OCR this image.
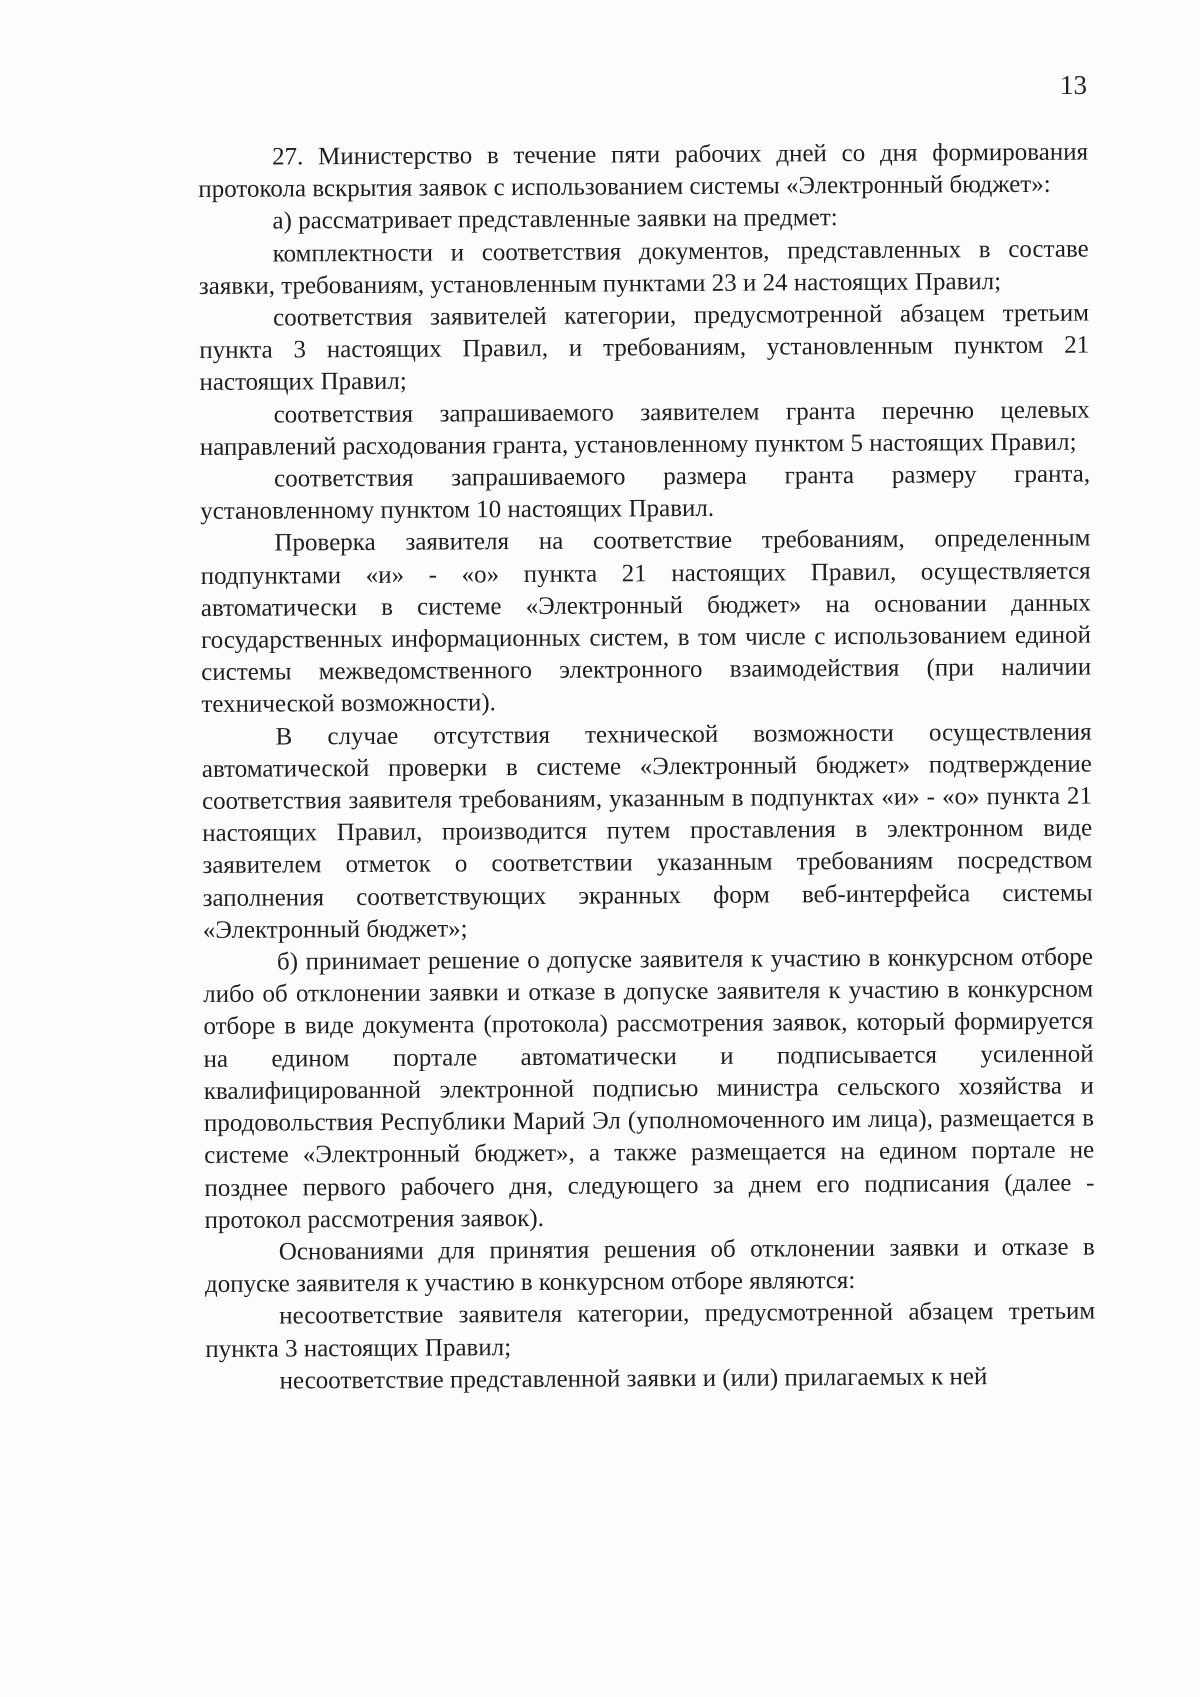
13

27. Министерство в течение пяти рабочих дней со дня формирования протокола вскрытия заявок с использованием системы «Электронный бюджет»:

а) рассматривает представленные заявки на предмет:

комплектности и соответствия документов, представленных в составе заявки, требованиям, установленным пунктами 23 и 24 настоящих Правил;

соответствия заявителей категории, предусмотренной абзацем третьим пункта 3 настоящих Правил, и требованиям, установленным пунктом 21 настоящих Правил;

соответствия запрашиваемого заявителем гранта перечню целевых направлений расходования гранта, установленному пунктом 5 настоящих Правил;

соответствия запрашиваемого размера гранта размеру гранта, установленному пунктом 10 настоящих Правил.

Проверка заявителя на соответствие требованиям, определенным подпунктами «и» - «о» пункта 21 настоящих Правил, осуществляется автоматически в системе «Электронный бюджет» на основании данных государственных информационных систем, в том числе с использованием единой системы межведомственного электронного взаимодействия (при наличии технической возможности).

В случае отсутствия технической возможности осуществления автоматической проверки в системе «Электронный бюджет» подтверждение соответствия заявителя требованиям, указанным в подпунктах «и» - «о» пункта 21 настоящих Правил, производится путем проставления в электронном виде заявителем отметок о соответствии указанным требованиям посредством заполнения соответствующих экранных форм веб-интерфейса системы «Электронный бюджет»;

б) принимает решение о допуске заявителя к участию в конкурсном отборе либо об отклонении заявки и отказе в допуске заявителя к участию в конкурсном отборе в виде документа (протокола) рассмотрения заявок, который формируется на едином портале автоматически и подписывается усиленной квалифицированной электронной подписью министра сельского хозяйства и продовольствия Республики Марий Эл (уполномоченного им лица), размещается в системе «Электронный бюджет», а также размещается на едином портале не позднее первого рабочего дня, следующего за днем его подписания (далее - протокол рассмотрения заявок).

Основаниями для принятия решения об отклонении заявки и отказе в допуске заявителя к участию в конкурсном отборе являются:

несоответствие заявителя категории, предусмотренной абзацем третьим пункта 3 настоящих Правил;

несоответствие представленной заявки и (или) прилагаемых к ней
